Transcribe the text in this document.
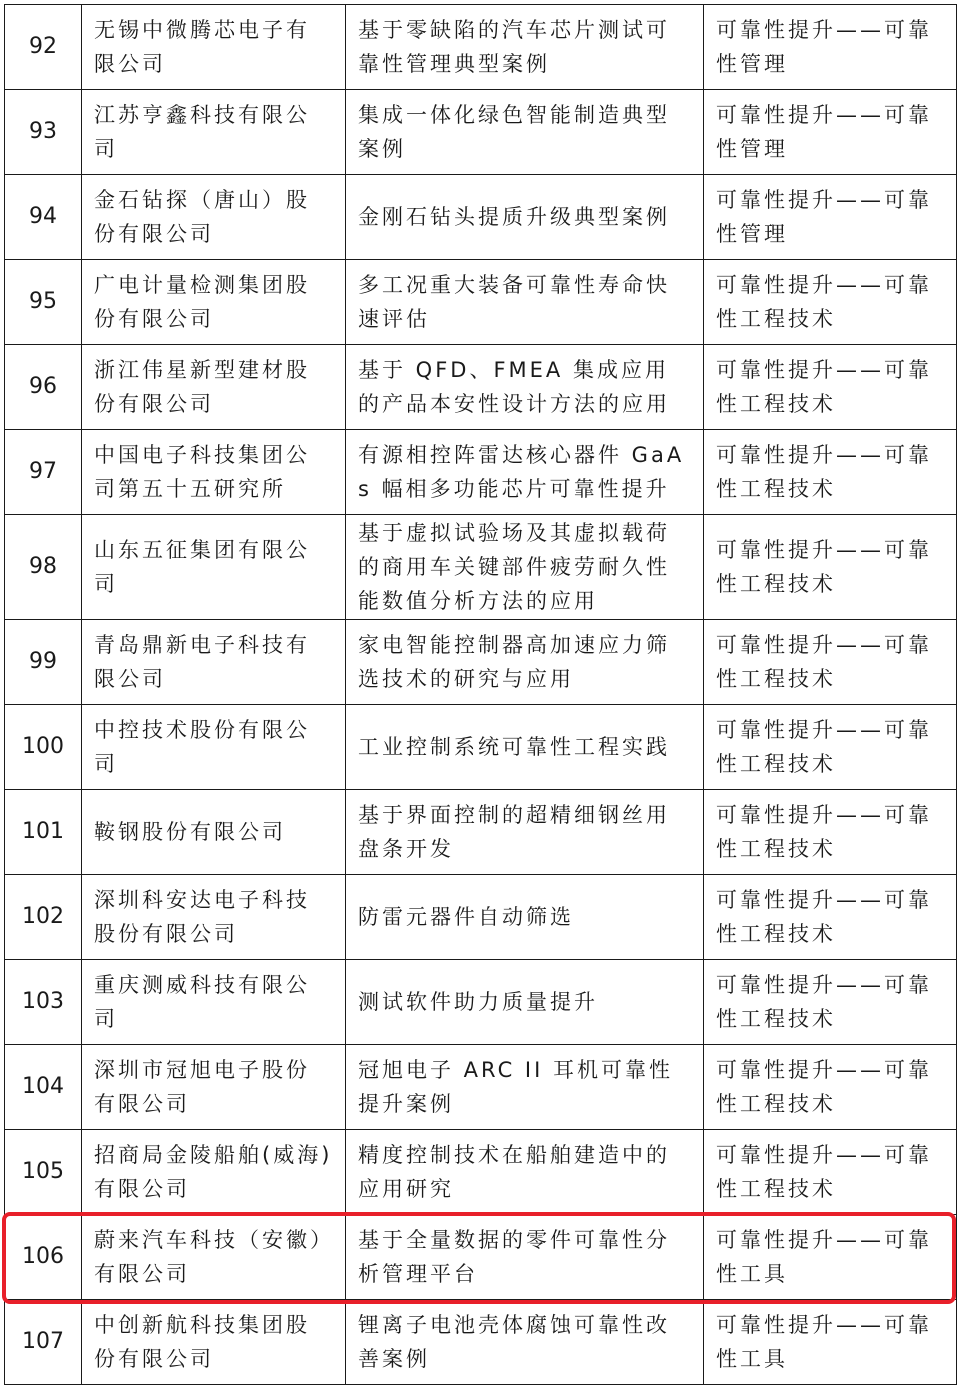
92	无锡中微腾芯电子有限公司	基于零缺陷的汽车芯片测试可靠性管理典型案例	可靠性提升——可靠性管理
93	江苏亨鑫科技有限公司	集成一体化绿色智能制造典型案例	可靠性提升——可靠性管理
94	金石钻探（唐山）股份有限公司	金刚石钻头提质升级典型案例	可靠性提升——可靠性管理
95	广电计量检测集团股份有限公司	多工况重大装备可靠性寿命快速评估	可靠性提升——可靠性工程技术
96	浙江伟星新型建材股份有限公司	基于 QFD、FMEA 集成应用的产品本安性设计方法的应用	可靠性提升——可靠性工程技术
97	中国电子科技集团公司第五十五研究所	有源相控阵雷达核心器件 GaAs 幅相多功能芯片可靠性提升	可靠性提升——可靠性工程技术
98	山东五征集团有限公司	基于虚拟试验场及其虚拟载荷的商用车关键部件疲劳耐久性能数值分析方法的应用	可靠性提升——可靠性工程技术
99	青岛鼎新电子科技有限公司	家电智能控制器高加速应力筛选技术的研究与应用	可靠性提升——可靠性工程技术
100	中控技术股份有限公司	工业控制系统可靠性工程实践	可靠性提升——可靠性工程技术
101	鞍钢股份有限公司	基于界面控制的超精细钢丝用盘条开发	可靠性提升——可靠性工程技术
102	深圳科安达电子科技股份有限公司	防雷元器件自动筛选	可靠性提升——可靠性工程技术
103	重庆测威科技有限公司	测试软件助力质量提升	可靠性提升——可靠性工程技术
104	深圳市冠旭电子股份有限公司	冠旭电子 ARC II 耳机可靠性提升案例	可靠性提升——可靠性工程技术
105	招商局金陵船舶(威海)有限公司	精度控制技术在船舶建造中的应用研究	可靠性提升——可靠性工程技术
106	蔚来汽车科技（安徽）有限公司	基于全量数据的零件可靠性分析管理平台	可靠性提升——可靠性工具
107	中创新航科技集团股份有限公司	锂离子电池壳体腐蚀可靠性改善案例	可靠性提升——可靠性工具
